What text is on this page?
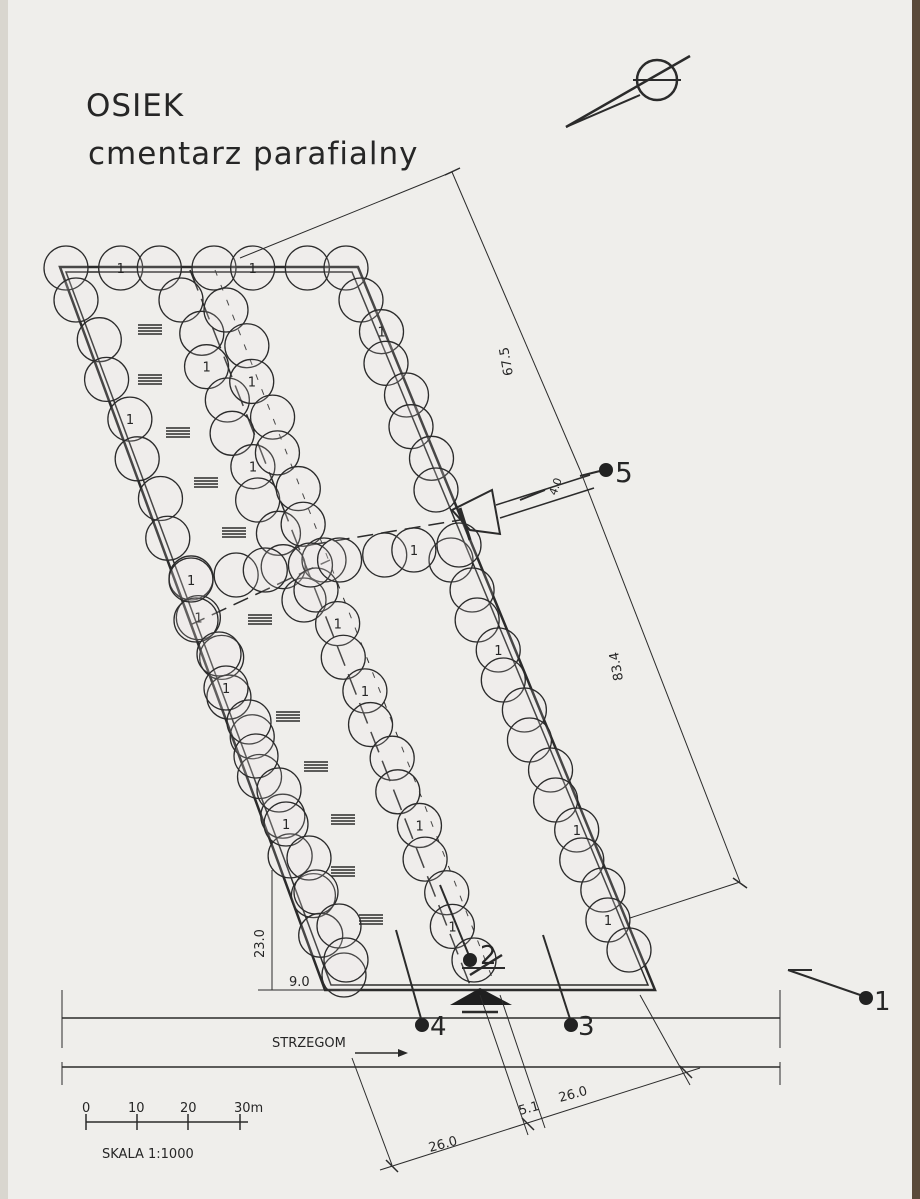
OSIEK
cmentarz parafialny
1	1
1
1
1
1
1
1
1
1
1
1
1
1
1
1
1
1
1
4.0
67.5
83.4
23.0
9.0
STRZEGOM
26.0
5.1
26.0
1
2
3
4
5
0	10	20	30m
SKALA 1:1000
